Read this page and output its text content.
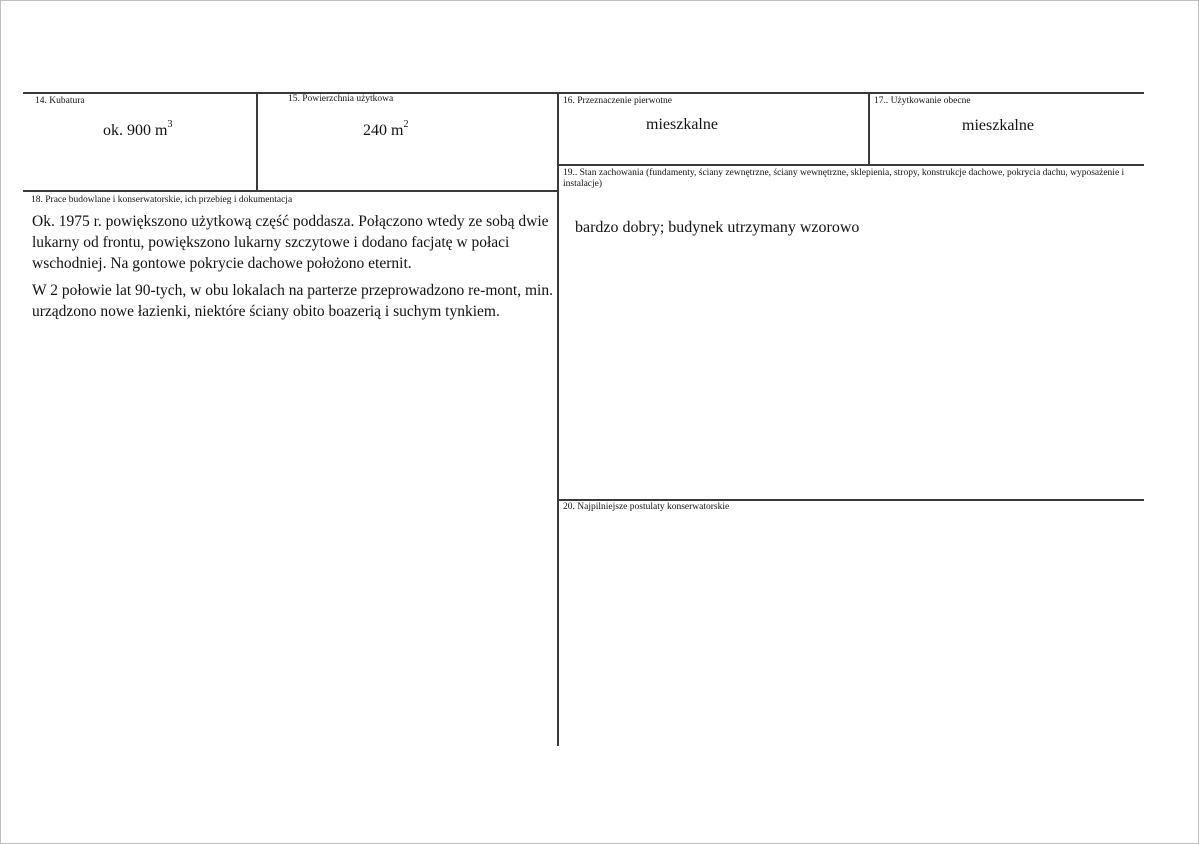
14. Kubatura
ok. 900 $m^3$
15. Powierzchnia użytkowa
240 $m^2$
16. Przeznaczenie pierwotne
mieszkalne
17.. Użytkowanie obecne
mieszkalne
18. Prace budowlane i konserwatorskie, ich przebieg i dokumentacja

Ok. 1975 r. powiększono użytkową część poddasza. Połączono wtedy ze sobą dwie lukarny od frontu, powiększono lukarny szczytowe i dodano facjatę w połaci wschodniej. Na gontowe pokrycie dachowe położono eternit.

W 2 połowie lat 90-tych, w obu lokalach na parterze przeprowadzono re-mont, min. urządzono nowe łazienki, niektóre ściany obito boazerią i suchym tynkiem.

19.. Stan zachowania (fundamenty, ściany zewnętrzne, ściany wewnętrzne, sklepienia, stropy, konstrukcje dachowe, pokrycia dachu, wyposażenie i instalacje)
bardzo dobry; budynek utrzymany wzorowo
20. Najpilniejsze postulaty konserwatorskie
